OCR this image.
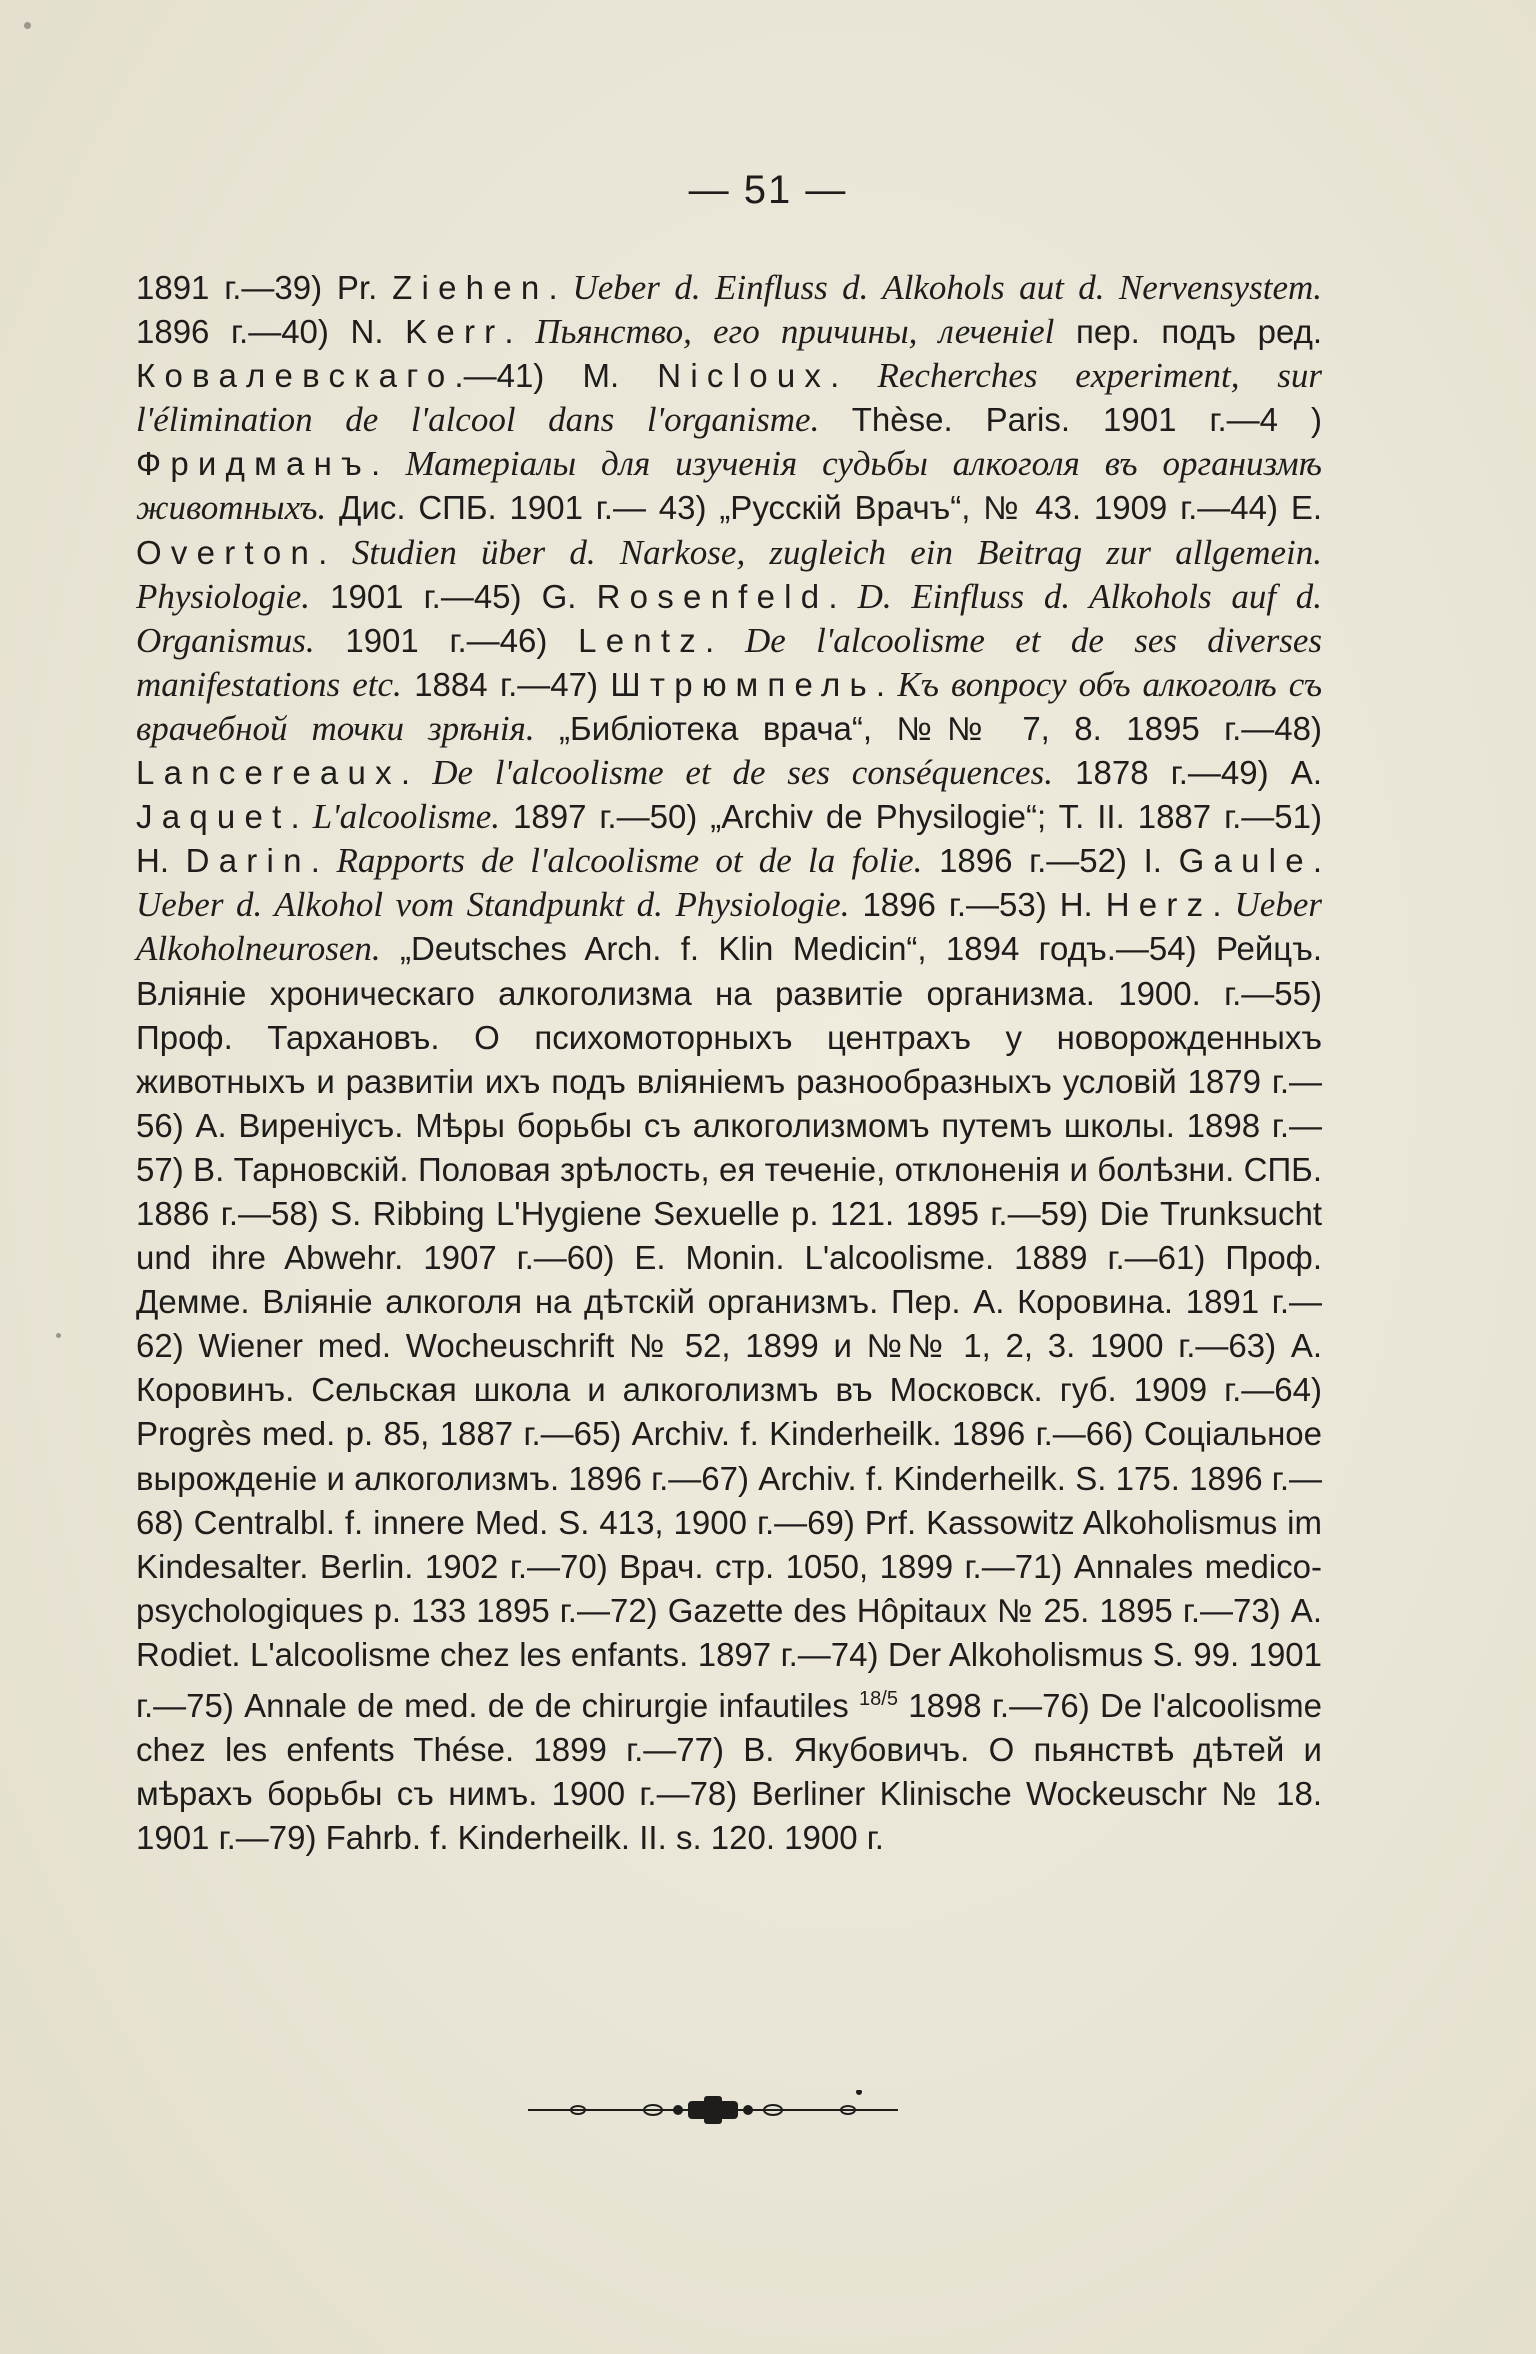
— 51 —
1891 г.—39) Pr. Ziehen. Ueber d. Einfluss d. Alkohols aut d. Nervensystem. 1896 г.—40) N. Kerr. Пьянство, его причины, леченiel пер. подъ ред. Ковалевскаго.—41) M. Nicloux. Recherches experiment, sur l'élimination de l'alcool dans l'organisme. Thèse. Paris. 1901 г.—4 ) Фридманъ. Матерiалы для изученiя судьбы алкоголя въ организмѣ животныхъ. Дис. СПБ. 1901 г.— 43) „Русскiй Врачъ“, № 43. 1909 г.—44) E. Overton. Studien über d. Narkose, zugleich ein Beitrag zur allgemein. Physiologie. 1901 г.—45) G. Rosenfeld. D. Einfluss d. Alkohols auf d. Organismus. 1901 г.—46) Lentz. De l'alcoolisme et de ses diverses manifestations etc. 1884 г.—47) Штрюмпель. Къ вопросу объ алкоголѣ съ врачебной точки зрѣнiя. „Библiотека врача“, №№ 7, 8. 1895 г.—48) Lancereaux. De l'alcoolisme et de ses conséquences. 1878 г.—49) A. Jaquet. L'alcoolisme. 1897 г.—50) „Archiv de Physilogie“; T. II. 1887 г.—51) H. Darin. Rapports de l'alcoolisme ot de la folie. 1896 г.—52) I. Gaule. Ueber d. Alkohol vom Standpunkt d. Physiologie. 1896 г.—53) H. Herz. Ueber Alkoholneurosen. „Deutsches Arch. f. Klin Medicin“, 1894 годъ.—54) Рейцъ. Влiянiе хроническаго алкоголизма на развитiе организма. 1900. г.—55) Проф. Тархановъ. О психомоторныхъ центрахъ у новорожденныхъ животныхъ и развитiи ихъ подъ влiянiемъ разнообразныхъ условiй 1879 г.—56) A. Виренiусъ. Мѣры борьбы съ алкоголизмомъ путемъ школы. 1898 г.—57) В. Тарновскiй. Половая зрѣлость, ея теченiе, отклоненiя и болѣзни. СПБ. 1886 г.—58) S. Ribbing L'Hygiene Sexuelle p. 121. 1895 г.—59) Die Trunksucht und ihre Abwehr. 1907 г.—60) E. Monin. L'alcoolisme. 1889 г.—61) Проф. Демме. Влiянiе алкоголя на дѣтскiй организмъ. Пер. A. Коровина. 1891 г.—62) Wiener med. Wocheuschrift № 52, 1899 и №№ 1, 2, 3. 1900 г.—63) A. Коровинъ. Сельская школа и алкоголизмъ въ Московск. губ. 1909 г.—64) Progrès med. p. 85, 1887 г.—65) Archiv. f. Kinderheilk. 1896 г.—66) Соцiальное вырожденiе и алкоголизмъ. 1896 г.—67) Archiv. f. Kinderheilk. S. 175. 1896 г.—68) Centralbl. f. innere Med. S. 413, 1900 г.—69) Prf. Kassowitz Alkoholismus im Kindesalter. Berlin. 1902 г.—70) Врач. стр. 1050, 1899 г.—71) Annales medico-psychologiques p. 133 1895 г.—72) Gazette des Hôpitaux № 25. 1895 г.—73) A. Rodiet. L'alcoolisme chez les enfants. 1897 г.—74) Der Alkoholismus S. 99. 1901 г.—75) Annale de med. de de chirurgie infautiles $^{18/5}$ 1898 г.—76) De l'alcoolisme chez les enfents Thése. 1899 г.—77) B. Якубовичъ. О пьянствѣ дѣтей и мѣрахъ борьбы съ нимъ. 1900 г.—78) Berliner Klinische Wockeuschr № 18. 1901 г.—79) Fahrb. f. Kinderheilk. II. s. 120. 1900 г.
